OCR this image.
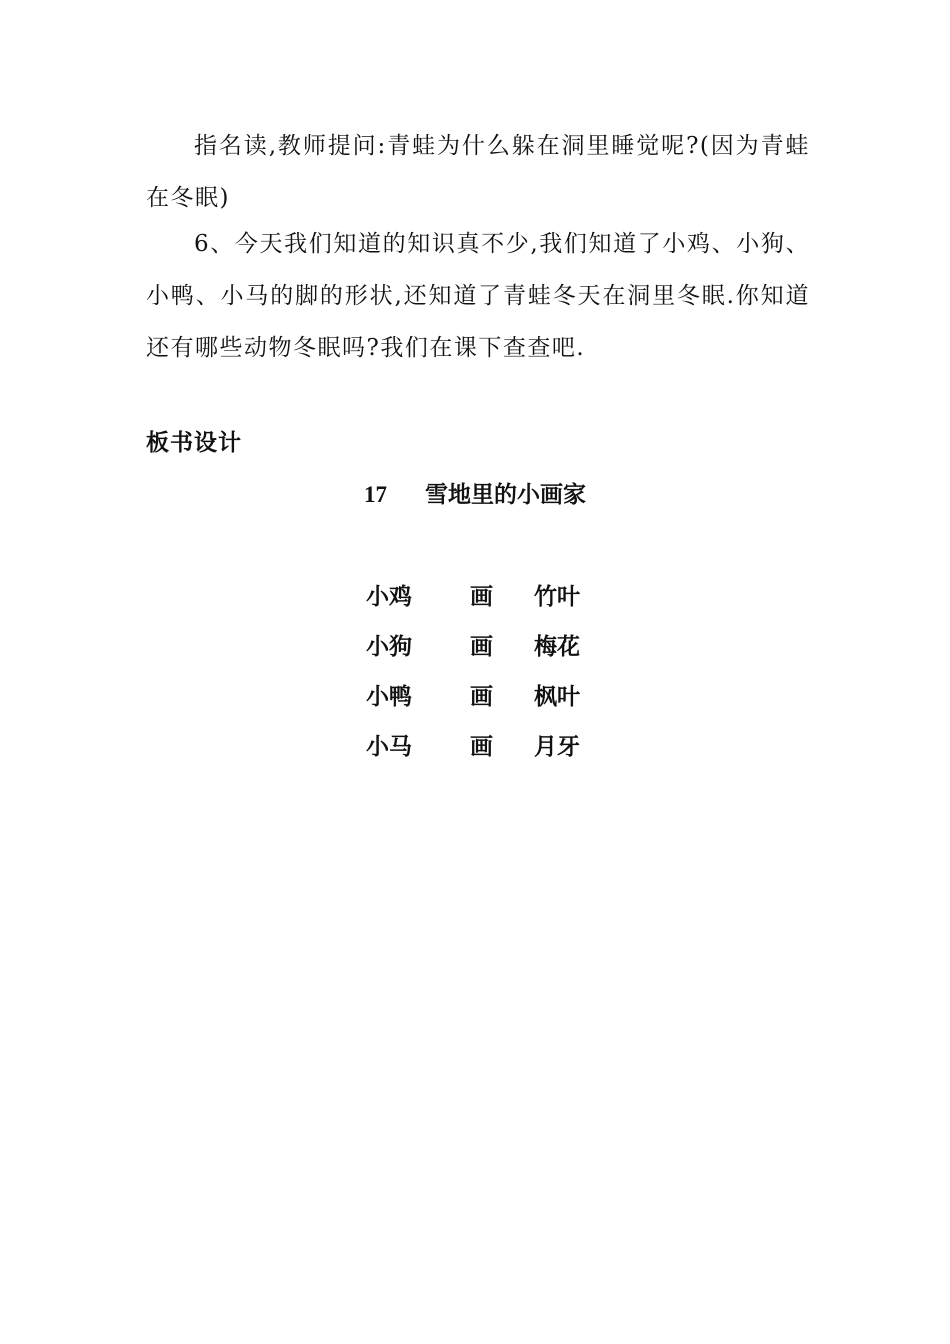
指名读,教师提问:青蛙为什么躲在洞里睡觉呢?(因为青蛙在冬眠)

6、今天我们知道的知识真不少,我们知道了小鸡、小狗、小鸭、小马的脚的形状,还知道了青蛙冬天在洞里冬眠.你知道还有哪些动物冬眠吗?我们在课下查查吧.

板书设计
17 雪地里的小画家
小鸡	画 竹叶
小狗	画 梅花
小鸭	画 枫叶
小马	画 月牙
